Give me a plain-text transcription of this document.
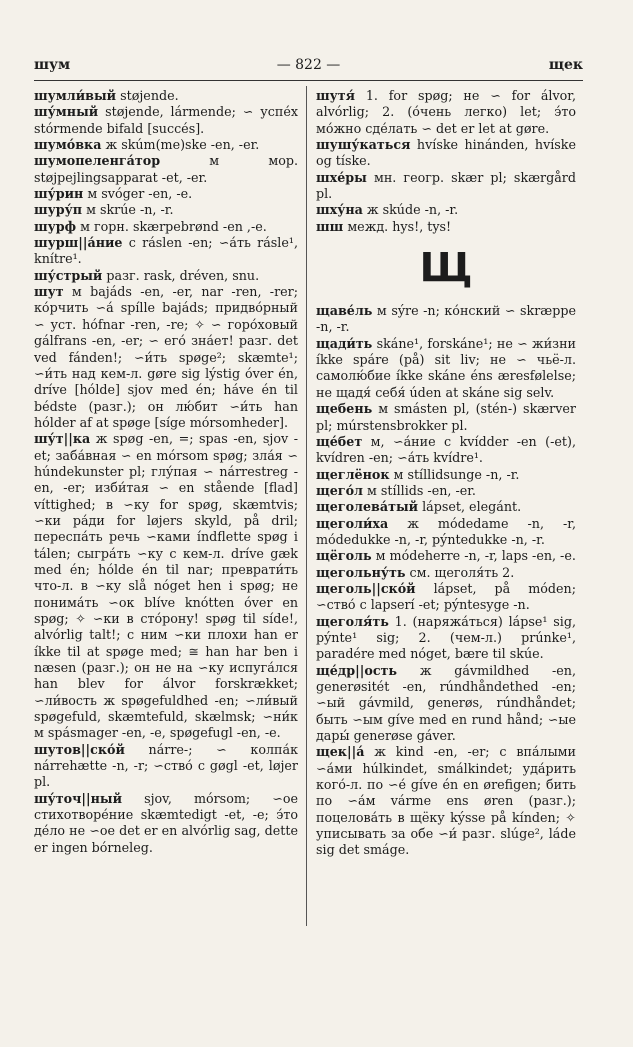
шум	— 822 —	щек

шумли́вый støjende.

шу́мный støjende, lármende; ∽ успе́х stórmende bifald [succés].

шумо́вка ж skúm(me)ske -en, -er.

шумопеленга́тор м мор. støjpejlingsapparat -et, -er.

шу́рин м svóger -en, -e.

шуру́п м skrúe -n, -r.

шурф м горн. skærpebrønd -en ,-e.

шурш||а́ние с ráslen -en; ∽а́ть rásle¹, knítre¹.

шу́стрый разг. rask, dréven, snu.

шут м bajáds -en, -er, nar -ren, -rer; ко́рчить ∽а́ spílle bajáds; придво́рный ∽ уст. hófnar -ren, -re; ✧ ∽ горо́ховый gálfrans -en, -er; ∽ его́ зна́ет! разг. det ved fánden!; ∽и́ть spøge²; skæmte¹; ∽и́ть над кем-л. gøre sig lýstig óver én, dríve [hólde] sjov med én; háve én til bédste (разг.); он лю́бит ∽и́ть han hólder af at spøge [síge mórsomheder].

шу́т||ка ж spøg -en, =; spas -en, sjov -et; заба́вная ∽ en mórsom spøg; зла́я ∽ húndekunster pl; глу́пая ∽ nárrestreg -en, -er; изби́тая ∽ en stående [flad] víttighed; в ∽ку for spøg, skæmtvis; ∽ки ра́ди for løjers skyld, på dril; переспа́ть речь ∽ками índflette spøg i tálen; сыгра́ть ∽ку с кем-л. dríve gæk med én; hólde én til nar; преврати́ть что-л. в ∽ку slå nóget hen i spøg; не понима́ть ∽ок blíve knótten óver en spøg; ✧ ∽ки в сто́рону! spøg til síde!, alvórlig talt!; с ним ∽ки плохи han er íkke til at spøge med; ≅ han har ben i næsen (разг.); он не на ∽ку испуга́лся han blev for álvor forskrækket; ∽ли́вость ж spøgefuldhed -en; ∽ли́вый spøgefuld, skæmtefuld, skælmsk; ∽ни́к м spásmager -en, -e, spøgefugl -en, -e.

шутов||ско́й nárre-; ∽ колпа́к nárrehætte -n, -r; ∽ство́ с gøgl -et, løjer pl.

шу́точ||ный sjov, mórsom; ∽ое стихотворе́ние skæmtedigt -et, -e; э́то де́ло не ∽ое det er en alvórlig sag, dette er ingen bórneleg.

шутя́ 1. for spøg; не ∽ for álvor, alvórlig; 2. (о́чень легко) let; э́то мо́жно сде́лать ∽ det er let at gøre.

шушу́каться hvíske hinánden, hvíske og tíske.

шхе́ры мн. геогр. skær pl; skærgård pl.

шху́на ж skúde -n, -r.

шш межд. hys!, tys!

Щ

щаве́ль м sýre -n; ко́нский ∽ skræppe -n, -r.

щади́ть skáne¹, forskáne¹; не ∽ жи́зни íkke spáre (på) sit liv; не ∽ чьё-л. самолю́бие íkke skáne éns æresfølelse; не щадя́ себя́ úden at skáne sig selv.

щебень м smásten pl, (stén-) skærver pl; múrstensbrokker pl.

ще́бет м, ∽а́ние с kvídder -en (-et), kvídren -en; ∽а́ть kvídre¹.

щеглёнок м stíllidsunge -n, -r.

щего́л м stíllids -en, -er.

щеголева́тый lápset, elegánt.

щеголи́ха ж módedame -n, -r, módedukke -n, -r, pýntedukke -n, -r.

щёголь м módeherre -n, -r, laps -en, -e.

щегольну́ть см. щеголя́ть 2.

щеголь||ско́й lápset, på móden; ∽ство́ с lapserí -et; pýntesyge -n.

щеголя́ть 1. (наряжа́ться) lápse¹ sig, pýnte¹ sig; 2. (чем-л.) prúnke¹, paradére med nóget, bære til skúe.

ще́др||ость ж gávmildhed -en, generøsitét -en, rúndhåndethed -en; ∽ый gávmild, generøs, rúndhåndet; быть ∽ым gíve med en rund hånd; ∽ые дары́ generøse gáver.

щек||а́ ж kind -en, -er; с впа́лыми ∽а́ми húlkindet, smálkindet; уда́рить кого́-л. по ∽е́ gíve én en ørefigen; бить по ∽а́м várme ens øren (разг.); поцелова́ть в щёку kýsse på kínden; ✧ уписывать за обе ∽и́ разг. slúge², láde sig det smáge.
